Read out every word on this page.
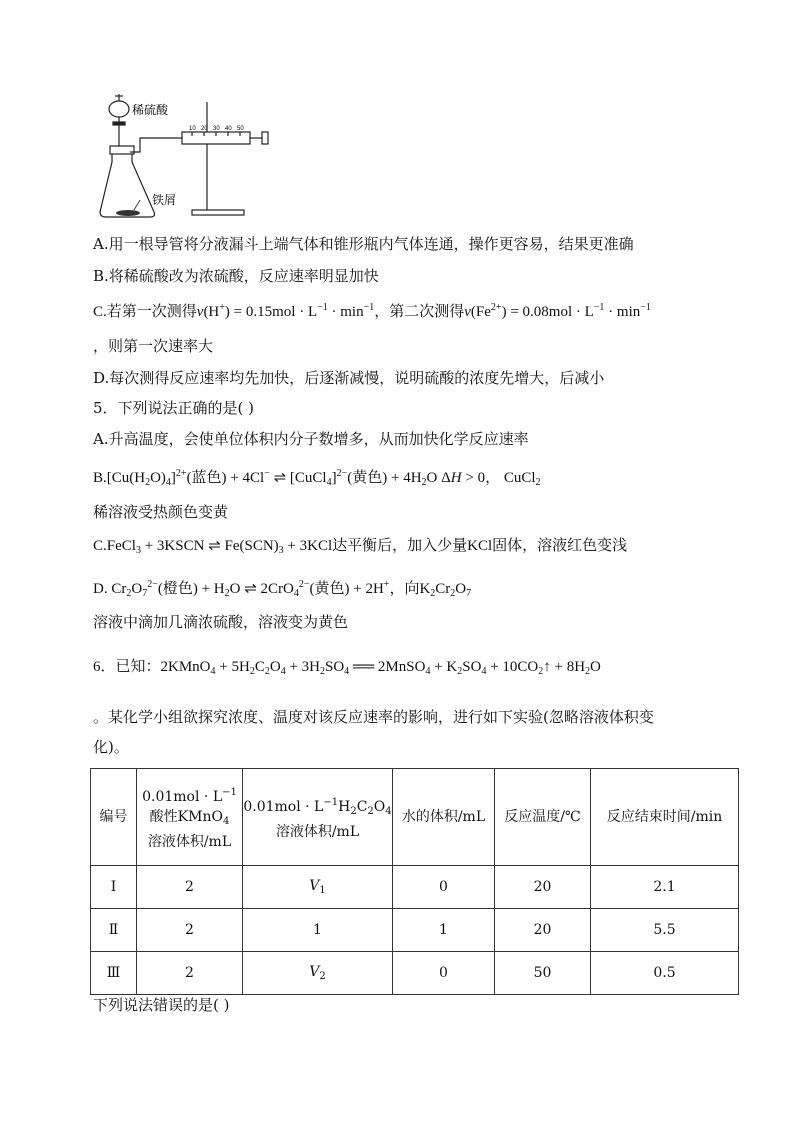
稀硫酸
铁屑
10 20 30 40 50
A.用一根导管将分液漏斗上端气体和锥形瓶内气体连通，操作更容易，结果更准确
B.将稀硫酸改为浓硫酸，反应速率明显加快
C.若第一次测得$v(H^+) = 0.15mol \cdot L^{-1} \cdot \min^{-1}$，第二次测得$v(Fe^{2+}) = 0.08mol \cdot L^{-1} \cdot \min^{-1}$
，则第一次速率大
D.每次测得反应速率均先加快，后逐渐减慢，说明硫酸的浓度先增大，后减小
5．下列说法正确的是( )
A.升高温度，会使单位体积内分子数增多，从而加快化学反应速率
$B.[Cu(H_2O)_4]^{2+}$(蓝色) + 4Cl− ⇌ [CuCl$_4$]$^{2-}$(黄色) + $4H_2O$ ΔH > 0， CuCl$_2$
稀溶液受热颜色变黄
C.FeCl$_3$ + 3KSCN ⇌ $Fe(SCN)_3 + 3KCl$达平衡后，加入少量KCl固体，溶液红色变浅
D. $Cr_2O_7^{2-}$(橙色) + $H_2O$ ⇌ 2CrO$_4^{2-}$(黄色) + 2H+，向$K_2Cr_2O_7$
溶液中滴加几滴浓硫酸，溶液变为黄色
6．已知：2KMnO$_4$ + $5H_2C_2O_4 + 3H_2SO_4$ ══ 2MnSO$_4$ + $K_2SO_4$ + $10CO_2↑ + 8H_2O$
。某化学小组欲探究浓度、温度对该反应速率的影响，进行如下实验(忽略溶液体积变
化)。
编号	$0.01mol \cdot L^{-1}$
酸性KMnO$_4$
溶液体积/mL	$0.01mol \cdot L^{-1}H_2C_2O_4$
溶液体积/mL	水的体积/mL	反应温度/℃	反应结束时间/min
Ⅰ	2	$V_1$	0	20	2.1
Ⅱ	2	1	1	20	5.5
Ⅲ	2	$V_2$	0	50	0.5
下列说法错误的是( )
